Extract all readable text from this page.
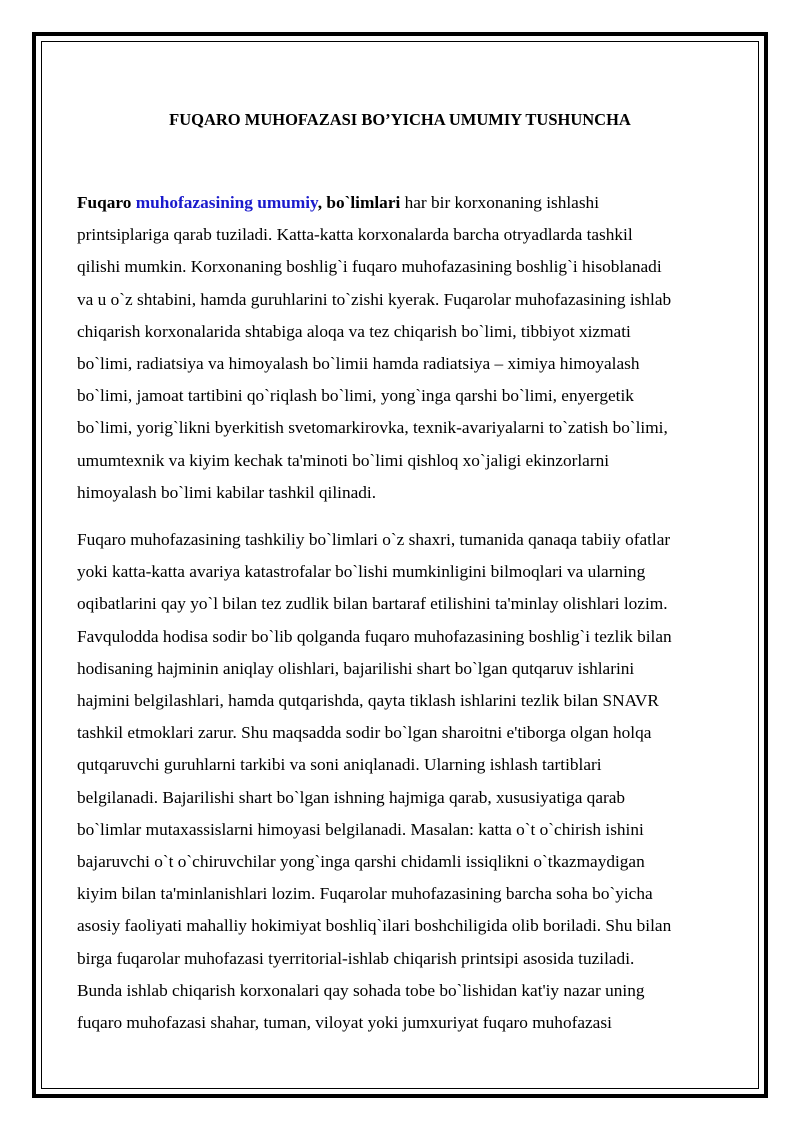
FUQARO MUHOFAZASI BO’YICHA UMUMIY TUSHUNCHA

Fuqaro muhofazasining umumiy, bo`limlari har bir korxonaning ishlashi
printsiplariga qarab tuziladi. Katta-katta korxonalarda barcha otryadlarda tashkil
qilishi mumkin. Korxonaning boshlig`i fuqaro muhofazasining boshlig`i hisoblanadi
va u o`z shtabini, hamda guruhlarini to`zishi kyerak. Fuqarolar muhofazasining ishlab
chiqarish korxonalarida shtabiga aloqa va tez chiqarish bo`limi, tibbiyot xizmati
bo`limi, radiatsiya va himoyalash bo`limii hamda radiatsiya – ximiya himoyalash
bo`limi, jamoat tartibini qo`riqlash bo`limi, yong`inga qarshi bo`limi, enyergetik
bo`limi, yorig`likni byerkitish svetomarkirovka, texnik-avariyalarni to`zatish bo`limi,
umumtexnik va kiyim kechak ta'minoti bo`limi qishloq xo`jaligi ekinzorlarni
himoyalash bo`limi kabilar tashkil qilinadi.

Fuqaro muhofazasining tashkiliy bo`limlari o`z shaxri, tumanida qanaqa tabiiy ofatlar
yoki katta-katta avariya katastrofalar bo`lishi mumkinligini bilmoqlari va ularning
oqibatlarini qay yo`l bilan tez zudlik bilan bartaraf etilishini ta'minlay olishlari lozim.
Favqulodda hodisa sodir bo`lib qolganda fuqaro muhofazasining boshlig`i tezlik bilan
hodisaning hajminin aniqlay olishlari, bajarilishi shart bo`lgan qutqaruv ishlarini
hajmini belgilashlari, hamda qutqarishda, qayta tiklash ishlarini tezlik bilan SNAVR
tashkil etmoklari zarur. Shu maqsadda sodir bo`lgan sharoitni e'tiborga olgan holqa
qutqaruvchi guruhlarni tarkibi va soni aniqlanadi. Ularning ishlash tartiblari
belgilanadi. Bajarilishi shart bo`lgan ishning hajmiga qarab, xususiyatiga qarab
bo`limlar mutaxassislarni himoyasi belgilanadi. Masalan: katta o`t o`chirish ishini
bajaruvchi o`t o`chiruvchilar yong`inga qarshi chidamli issiqlikni o`tkazmaydigan
kiyim bilan ta'minlanishlari lozim. Fuqarolar muhofazasining barcha soha bo`yicha
asosiy faoliyati mahalliy hokimiyat boshliq`ilari boshchiligida olib boriladi. Shu bilan
birga fuqarolar muhofazasi tyerritorial-ishlab chiqarish printsipi asosida tuziladi.
Bunda ishlab chiqarish korxonalari qay sohada tobe bo`lishidan kat'iy nazar uning
fuqaro muhofazasi shahar, tuman, viloyat yoki jumxuriyat fuqaro muhofazasi
